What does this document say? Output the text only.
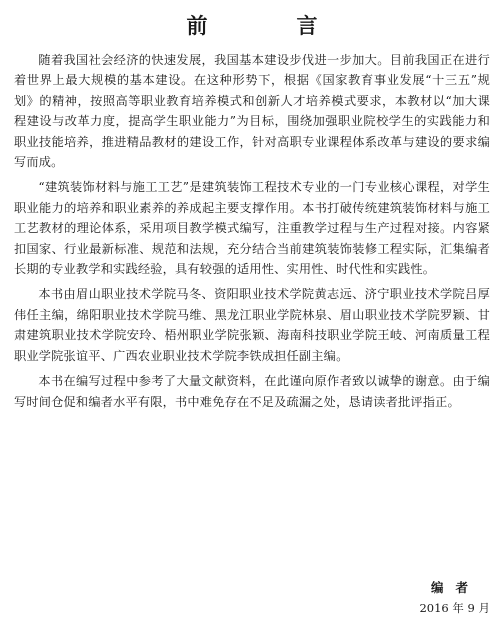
前　言

随着我国社会经济的快速发展，我国基本建设步伐进一步加大。目前我国正在进行着世界上最大规模的基本建设。在这种形势下，根据《国家教育事业发展“十三五”规划》的精神，按照高等职业教育培养模式和创新人才培养模式要求，本教材以“加大课程建设与改革力度，提高学生职业能力”为目标，围绕加强职业院校学生的实践能力和职业技能培养，推进精品教材的建设工作，针对高职专业课程体系改革与建设的要求编写而成。

“建筑装饰材料与施工工艺”是建筑装饰工程技术专业的一门专业核心课程，对学生职业能力的培养和职业素养的养成起主要支撑作用。本书打破传统建筑装饰材料与施工工艺教材的理论体系，采用项目教学模式编写，注重教学过程与生产过程对接。内容紧扣国家、行业最新标准、规范和法规，充分结合当前建筑装饰装修工程实际，汇集编者长期的专业教学和实践经验，具有较强的适用性、实用性、时代性和实践性。

本书由眉山职业技术学院马冬、资阳职业技术学院黄志远、济宁职业技术学院吕厚伟任主编，绵阳职业技术学院马维、黑龙江职业学院林泉、眉山职业技术学院罗颖、甘肃建筑职业技术学院安玲、梧州职业学院张颖、海南科技职业学院王岐、河南质量工程职业学院张谊平、广西农业职业技术学院李铁成担任副主编。

本书在编写过程中参考了大量文献资料，在此谨向原作者致以诚挚的谢意。由于编写时间仓促和编者水平有限，书中难免存在不足及疏漏之处，恳请读者批评指正。

编者
2016 年 9 月
